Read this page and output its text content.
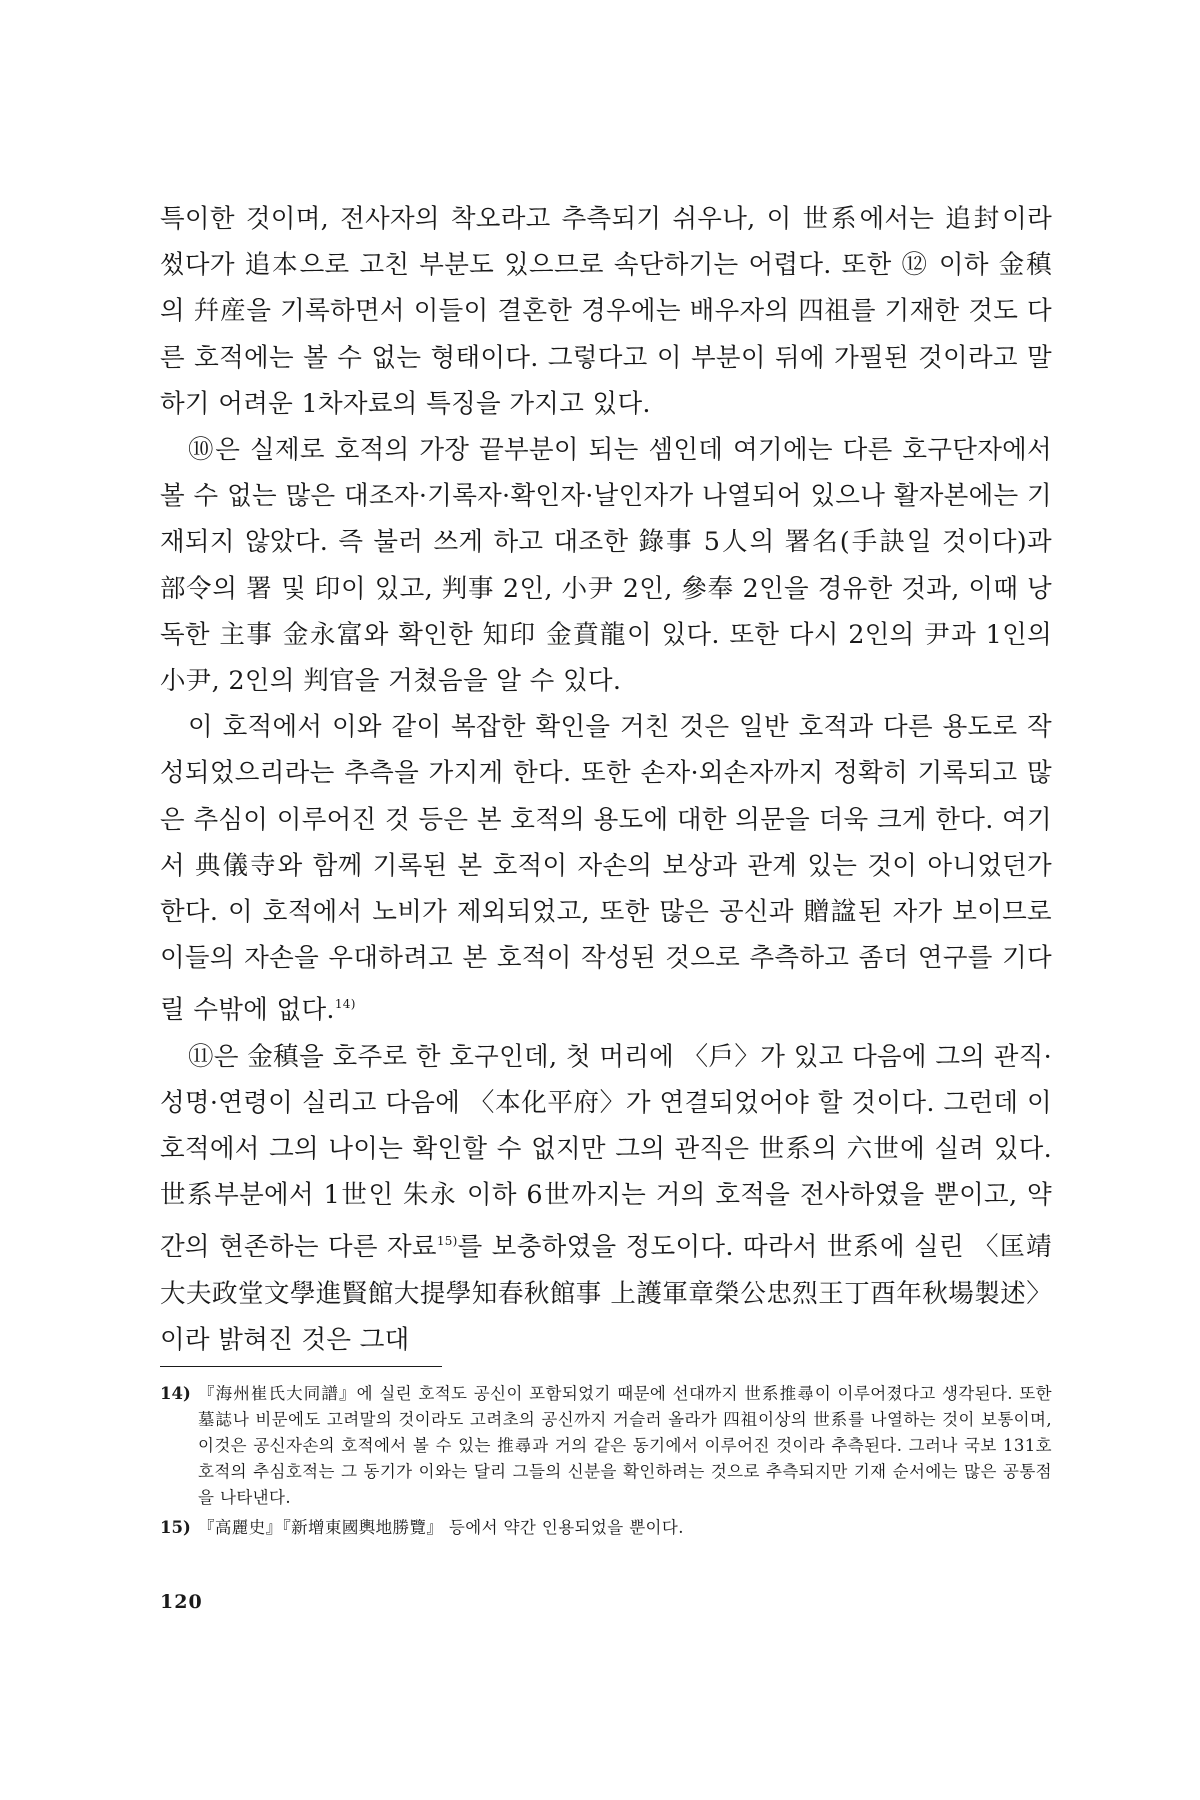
특이한 것이며, 전사자의 착오라고 추측되기 쉬우나, 이 世系에서는 追封이라 썼다가 追本으로 고친 부분도 있으므로 속단하기는 어렵다. 또한 ⑫ 이하 金稹의 幷産을 기록하면서 이들이 결혼한 경우에는 배우자의 四祖를 기재한 것도 다른 호적에는 볼 수 없는 형태이다. 그렇다고 이 부분이 뒤에 가필된 것이라고 말하기 어려운 1차자료의 특징을 가지고 있다.

⑩은 실제로 호적의 가장 끝부분이 되는 셈인데 여기에는 다른 호구단자에서 볼 수 없는 많은 대조자·기록자·확인자·날인자가 나열되어 있으나 활자본에는 기재되지 않았다. 즉 불러 쓰게 하고 대조한 錄事 5人의 署名(手訣일 것이다)과 部令의 署 및 印이 있고, 判事 2인, 小尹 2인, 參奉 2인을 경유한 것과, 이때 낭독한 主事 金永富와 확인한 知印 金賁龍이 있다. 또한 다시 2인의 尹과 1인의 小尹, 2인의 判官을 거쳤음을 알 수 있다.

이 호적에서 이와 같이 복잡한 확인을 거친 것은 일반 호적과 다른 용도로 작성되었으리라는 추측을 가지게 한다. 또한 손자·외손자까지 정확히 기록되고 많은 추심이 이루어진 것 등은 본 호적의 용도에 대한 의문을 더욱 크게 한다. 여기서 典儀寺와 함께 기록된 본 호적이 자손의 보상과 관계 있는 것이 아니었던가 한다. 이 호적에서 노비가 제외되었고, 또한 많은 공신과 贈諡된 자가 보이므로 이들의 자손을 우대하려고 본 호적이 작성된 것으로 추측하고 좀더 연구를 기다릴 수밖에 없다.$^{14)}$

⑪은 金稹을 호주로 한 호구인데, 첫 머리에 〈戶〉가 있고 다음에 그의 관직·성명·연령이 실리고 다음에 〈本化平府〉가 연결되었어야 할 것이다. 그런데 이 호적에서 그의 나이는 확인할 수 없지만 그의 관직은 世系의 六世에 실려 있다. 世系부분에서 1世인 朱永 이하 6世까지는 거의 호적을 전사하였을 뿐이고, 약간의 현존하는 다른 자료$^{15)}$를 보충하였을 정도이다. 따라서 世系에 실린 〈匡靖大夫政堂文學進賢館大提學知春秋館事 上護軍章榮公忠烈王丁酉年秋場製述〉이라 밝혀진 것은 그대

14) 『海州崔氏大同譜』에 실린 호적도 공신이 포함되었기 때문에 선대까지 世系推尋이 이루어졌다고 생각된다. 또한 墓誌나 비문에도 고려말의 것이라도 고려초의 공신까지 거슬러 올라가 四祖이상의 世系를 나열하는 것이 보통이며, 이것은 공신자손의 호적에서 볼 수 있는 推尋과 거의 같은 동기에서 이루어진 것이라 추측된다. 그러나 국보 131호 호적의 추심호적는 그 동기가 이와는 달리 그들의 신분을 확인하려는 것으로 추측되지만 기재 순서에는 많은 공통점을 나타낸다.
15) 『高麗史』『新增東國輿地勝覽』 등에서 약간 인용되었을 뿐이다.
120
